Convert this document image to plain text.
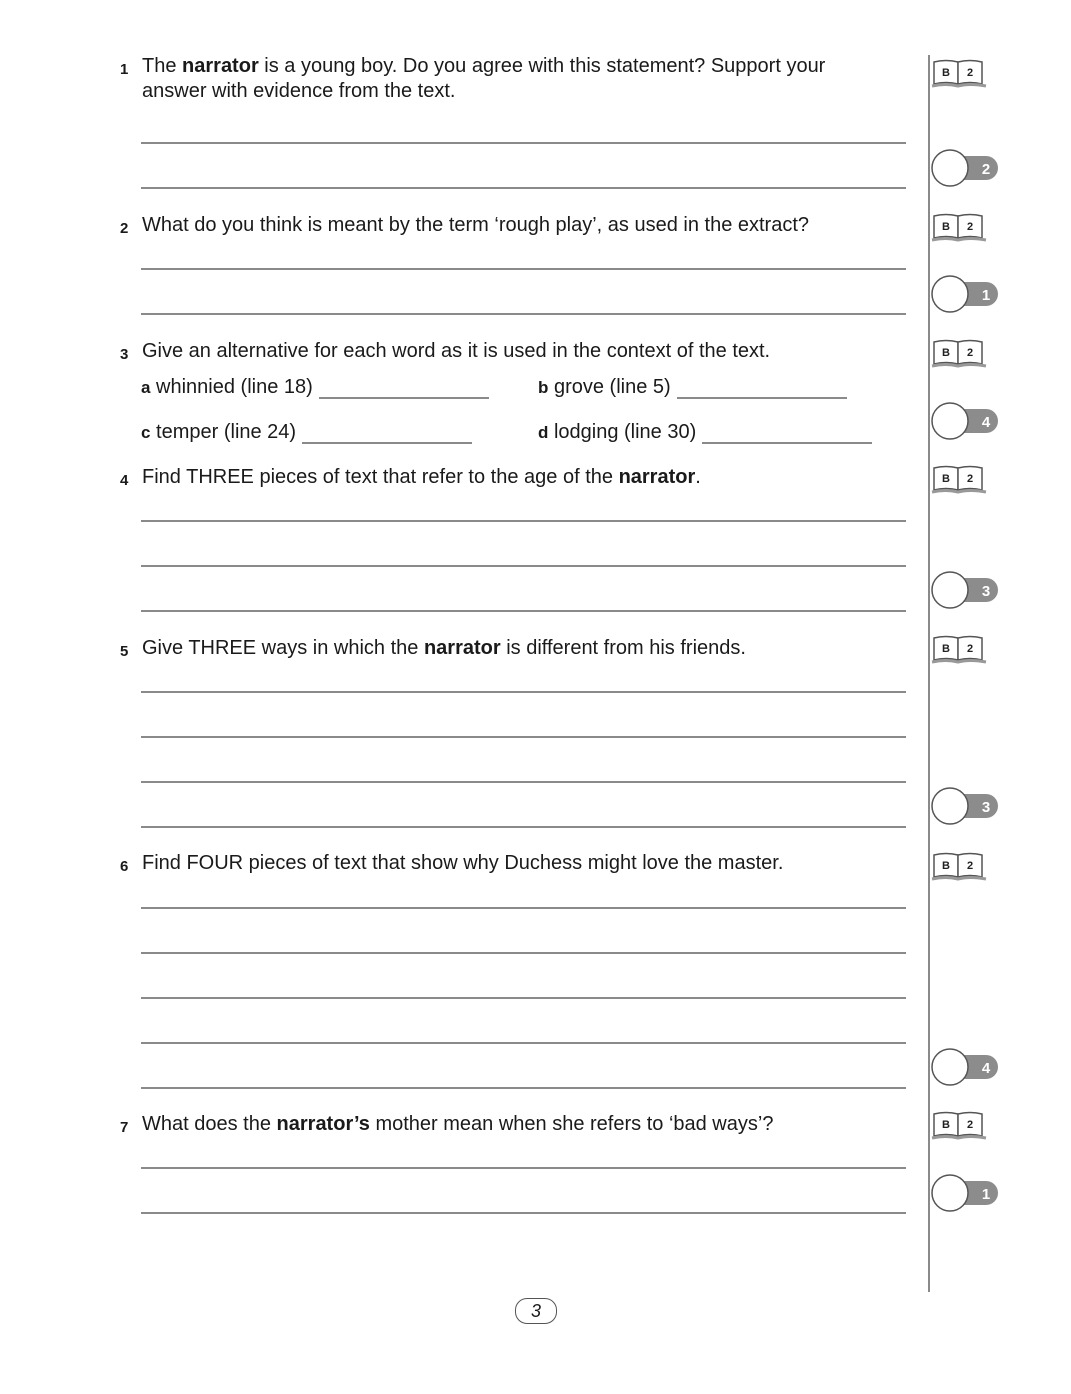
1 The narrator is a young boy. Do you agree with this statement? Support your answer with evidence from the text.
2 What do you think is meant by the term ‘rough play’, as used in the extract?
3 Give an alternative for each word as it is used in the context of the text.
a whinnied (line 18)	b grove (line 5)
c temper (line 24)	d lodging (line 30)
4 Find THREE pieces of text that refer to the age of the narrator.
5 Give THREE ways in which the narrator is different from his friends.
6 Find FOUR pieces of text that show why Duchess might love the master.
7 What does the narrator’s mother mean when she refers to ‘bad ways’?
B 2
B 2
B 2
B 2
B 2
B 2
B 2
2
1
4
3
3
4
1
3
